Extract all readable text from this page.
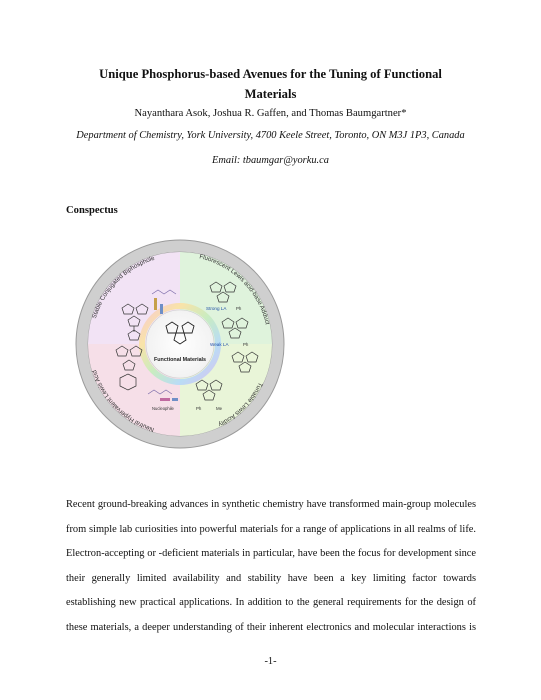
Unique Phosphorus-based Avenues for the Tuning of Functional
Materials
Nayanthara Asok, Joshua R. Gaffen, and Thomas Baumgartner*
Department of Chemistry, York University, 4700 Keele Street, Toronto, ON M3J 1P3, Canada
Email: tbaumgar@yorku.ca
Conspectus
Stable Conjugated Biphosphole	Fluorescent Lewis acid-base Adduct
Tunable Lewis Acidity
Neutral Hypervalent Lewis Acid
Functional Materials
Strong LA Ph
Weak LA	Ph
Ph	Me
Nucleophile
Recent ground-breaking advances in synthetic chemistry have transformed main-group molecules
from simple lab curiosities into powerful materials for a range of applications in all realms of life.
Electron-accepting or -deficient materials in particular, have been the focus for development since
their generally limited availability and stability have been a key limiting factor towards
establishing new practical applications. In addition to the general requirements for the design of
these materials, a deeper understanding of their inherent electronics and molecular interactions is
-1-
